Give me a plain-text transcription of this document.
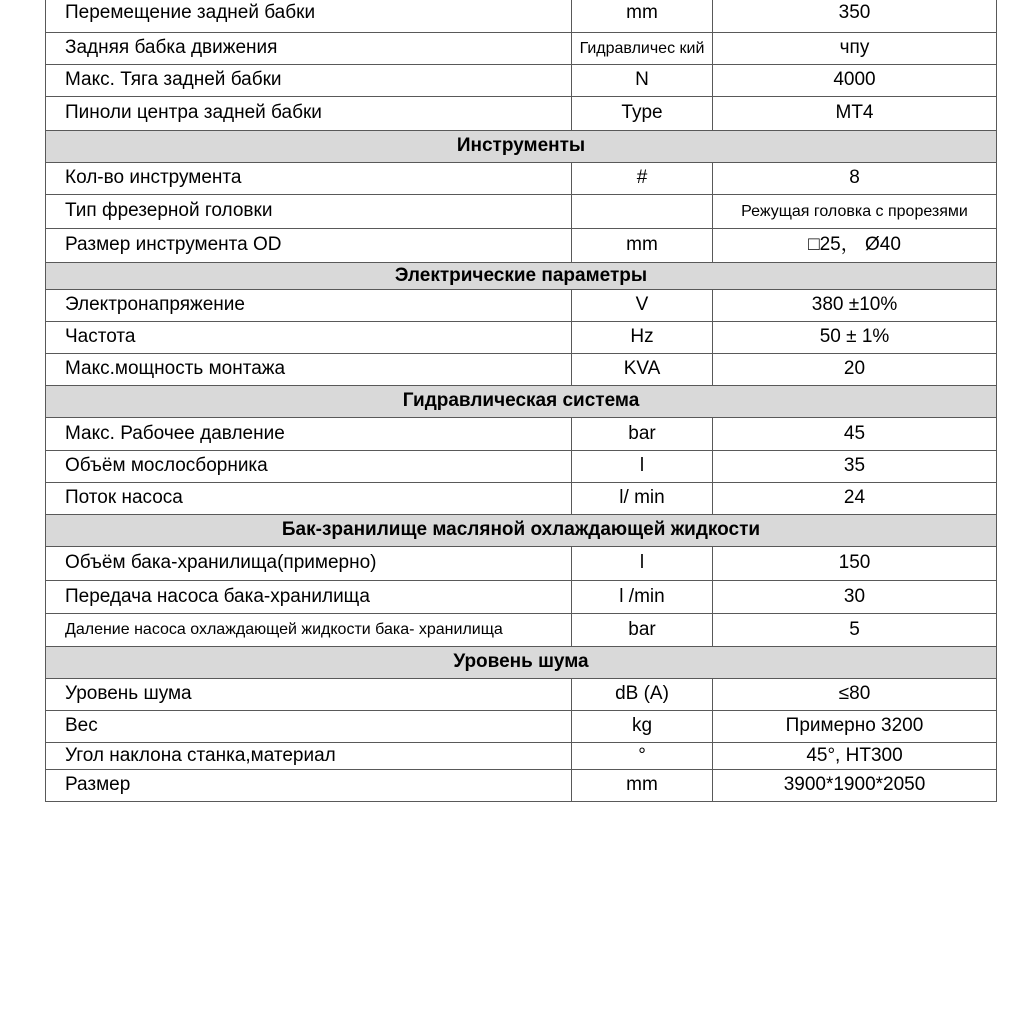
Перемещение задней бабки	mm	350
Задняя бабка движения	Гидравличес кий	чпу
Макс. Тяга задней бабки	N	4000
Пиноли центра задней бабки	Type	MT4
Инструменты		
Кол-во инструмента	#	8
Тип фрезерной головки		Режущая головка с прорезями
Размер инструмента OD	mm	□25， Ø40
Электрические параметры		
Электронапряжение	V	380 ±10%
Частота	Hz	50 ± 1%
Макс.мощность монтажа	KVA	20
Гидравлическая система		
Макс. Рабочее давление	bar	45
Объём мослосборника	l	35
Поток насоса	l/ min	24
Бак-зранилище масляной охлаждающей жидкости		
Объём бака-хранилища(примерно)	l	150
Передача насоса бака-хранилища	l /min	30
Даление насоса охлаждающей жидкости бака- хранилища	bar	5
Уровень шума		
Уровень шума	dB (A)	≤80
Вес	kg	Примерно 3200
Угол наклона станка,материал	°	45°, HT300
Размер	mm	3900*1900*2050
